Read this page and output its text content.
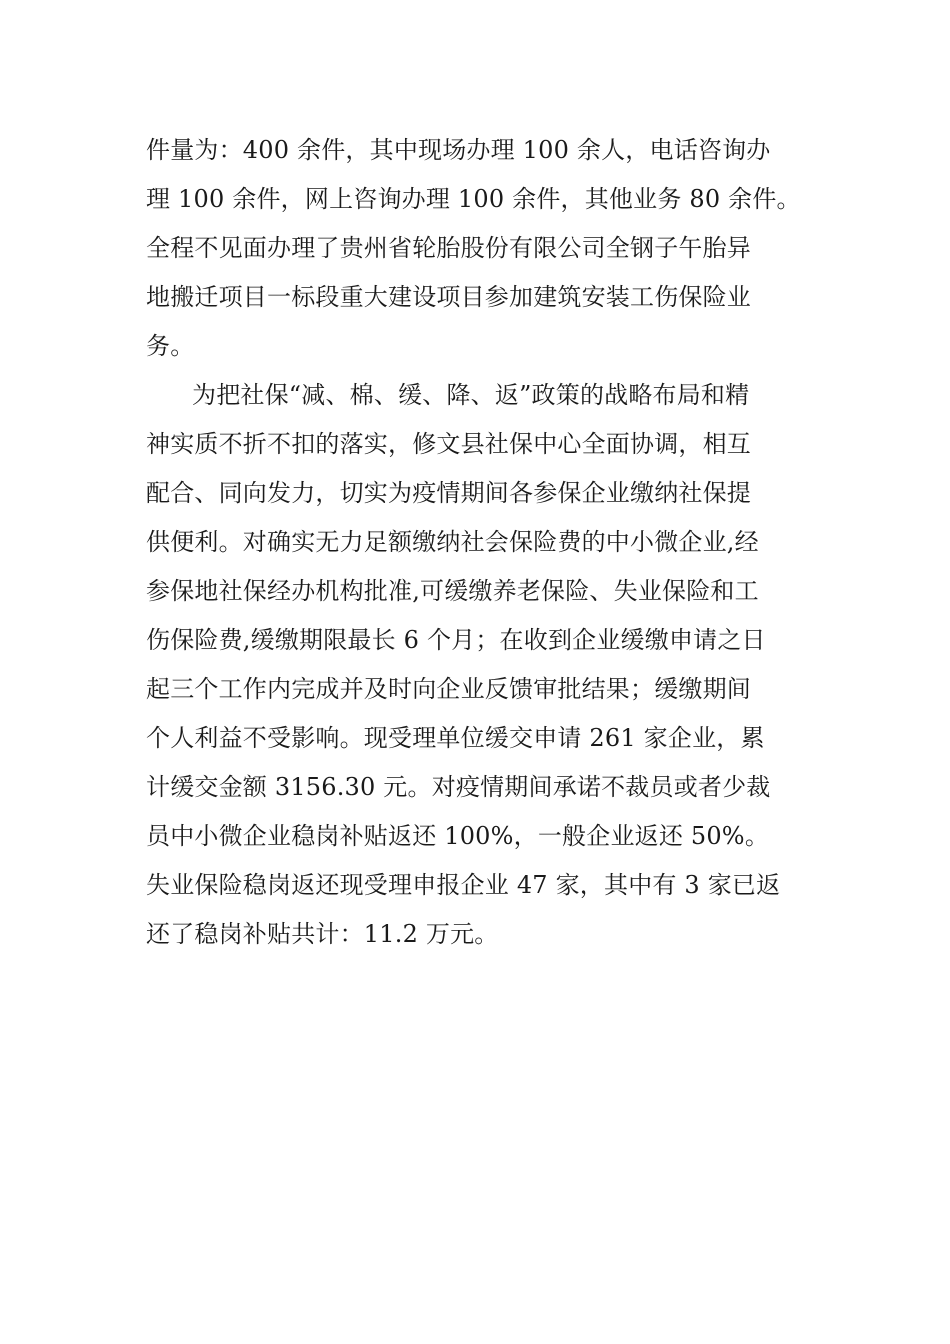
件量为：400 余件，其中现场办理 100 余人，电话咨询办
理 100 余件，网上咨询办理 100 余件，其他业务 80 余件。
全程不见面办理了贵州省轮胎股份有限公司全钢子午胎异
地搬迁项目一标段重大建设项目参加建筑安装工伤保险业
务。
为把社保“减、棉、缓、降、返”政策的战略布局和精
神实质不折不扣的落实，修文县社保中心全面协调，相互
配合、同向发力，切实为疫情期间各参保企业缴纳社保提
供便利。对确实无力足额缴纳社会保险费的中小微企业,经
参保地社保经办机构批准,可缓缴养老保险、失业保险和工
伤保险费,缓缴期限最长 6 个月；在收到企业缓缴申请之日
起三个工作内完成并及时向企业反馈审批结果；缓缴期间
个人利益不受影响。现受理单位缓交申请 261 家企业，累
计缓交金额 3156.30 元。对疫情期间承诺不裁员或者少裁
员中小微企业稳岗补贴返还 100%，一般企业返还 50%。
失业保险稳岗返还现受理申报企业 47 家，其中有 3 家已返
还了稳岗补贴共计：11.2 万元。
